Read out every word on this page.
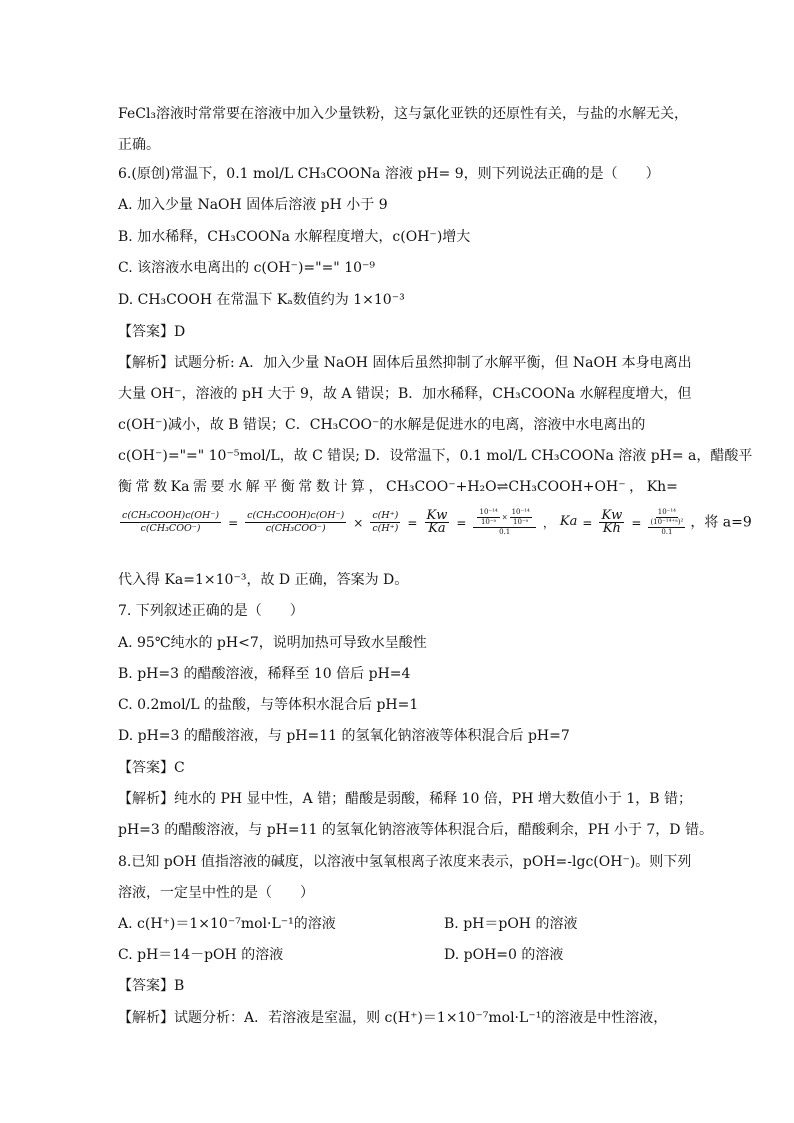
FeCl₃溶液时常常要在溶液中加入少量铁粉，这与氯化亚铁的还原性有关，与盐的水解无关，
正确。
6.(原创)常温下，0.1 mol/L CH₃COONa 溶液 pH= 9，则下列说法正确的是（　　）
A. 加入少量 NaOH 固体后溶液 pH 小于 9
B. 加水稀释，CH₃COONa 水解程度增大，c(OH⁻)增大
C. 该溶液水电离出的 c(OH⁻)="=" 10⁻⁹
D. CH₃COOH 在常温下 Kₐ数值约为 1×10⁻³
【答案】D
【解析】试题分析: A．加入少量 NaOH 固体后虽然抑制了水解平衡，但 NaOH 本身电离出
大量 OH⁻，溶液的 pH 大于 9，故 A 错误；B．加水稀释，CH₃COONa 水解程度增大，但
c(OH⁻)减小，故 B 错误；C．CH₃COO⁻的水解是促进水的电离，溶液中水电离出的
c(OH⁻)="=" 10⁻⁵mol/L，故 C 错误; D．设常温下，0.1 mol/L CH₃COONa 溶液 pH= a，醋酸平
衡 常 数 Ka 需 要 水 解 平 衡 常 数 计 算 ， CH₃COO⁻+H₂O⇌CH₃COOH+OH⁻ ， Kh=
$\frac{\text{c(CH₃COOH)c(OH⁻)}}{\text{c(CH₃COO⁻)}} = \frac{\text{c(CH₃COOH)c(OH⁻)}}{\text{c(CH₃COO⁻)}} \times \frac{c(H^+)}{c(H^+)} = \frac{Kw}{Ka} = \frac{\text{10⁻¹⁴}}{\text{10⁻ᵃ}} \times \frac{\text{10⁻¹⁴}}{\text{10⁻ᵃ}}$
0.1
， $Ka = \frac{Kw}{Kh}$ =
10⁻¹⁴
(10⁻¹⁴⁺ᵃ)²
0.1
，将 a=9
代入得 Ka=1×10⁻³，故 D 正确，答案为 D。
7. 下列叙述正确的是（　　）
A. 95℃纯水的 pH<7，说明加热可导致水呈酸性
B. pH=3 的醋酸溶液，稀释至 10 倍后 pH=4
C. 0.2mol/L 的盐酸，与等体积水混合后 pH=1
D. pH=3 的醋酸溶液，与 pH=11 的氢氧化钠溶液等体积混合后 pH=7
【答案】C
【解析】纯水的 PH 显中性，A 错；醋酸是弱酸，稀释 10 倍，PH 增大数值小于 1，B 错；
pH=3 的醋酸溶液，与 pH=11 的氢氧化钠溶液等体积混合后，醋酸剩余，PH 小于 7，D 错。
8.已知 pOH 值指溶液的碱度，以溶液中氢氧根离子浓度来表示，pOH=-lgc(OH⁻)。则下列
溶液，一定呈中性的是（　　）
A. c(H⁺)＝1×10⁻⁷mol·L⁻¹的溶液	B. pH＝pOH 的溶液
C. pH＝14－pOH 的溶液	D. pOH=0 的溶液
【答案】B
【解析】试题分析：A．若溶液是室温，则 c(H⁺)＝1×10⁻⁷mol·L⁻¹的溶液是中性溶液，
